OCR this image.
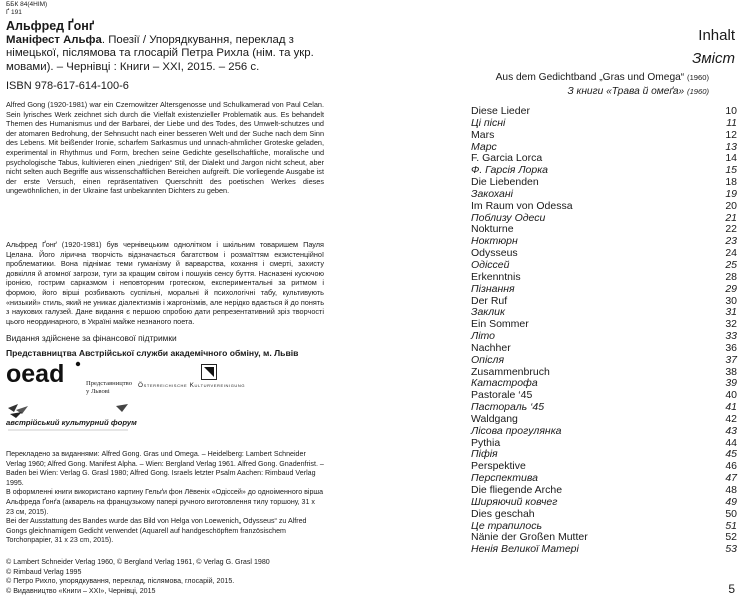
ББК 84(4НІМ)
Ґ 191
Альфред Ґонґ
Маніфест Альфа. Поезії / Упорядкування, переклад з німецької, післямова та глосарій Петра Рихла (нім. та укр. мовами). – Чернівці : Книги – XXI, 2015. – 256 с.
ISBN 978-617-614-100-6
Alfred Gong (1920-1981) war ein Czernowitzer Altersgenosse und Schulkamerad von Paul Celan. Sein lyrisches Werk zeichnet sich durch die Vielfalt existenzieller Problematik aus. Es behandelt Themen des Humanismus und der Barbarei, der Liebe und des Todes, des Umwelt-schutzes und der atomaren Bedrohung, der Sehnsucht nach einer besseren Welt und der Suche nach dem Sinn des Lebens. Mit beißender Ironie, scharfem Sarkasmus und unnach-ahmlicher Groteske geladen, experimental in Rhythmus und Form, brechen seine Gedichte gesellschaftliche, moralische und psychologische Tabus, kultivieren einen „niedrigen“ Stil, der Dialekt und Jargon nicht scheut, aber nicht selten auch Begriffe aus wissenschaftlichen Bereichen aufgreift. Die vorliegende Ausgabe ist der erste Versuch, einen repräsentativen Querschnitt des poetischen Werkes dieses ungewöhnlichen, in der Ukraine fast unbekannten Dichters zu geben.
Альфред Ґонґ (1920-1981) був чернівецьким одноліткoм і шкільним товаришем Пауля Целана. Його лірична творчість відзначається багатством і розмаїттям екзистенційної проблематики. Вона піднімає теми гуманізму й варварства, кохання і смерті, захисту довкілля й атомної загрози, туги за кращим світом і пошуків сенсу буття. Насназені кусючою іронією, гострим сарказмом і неповторним гротеском, експериментальні за ритмом і формою, його вірші розбивають суспільні, моральні й психологічні табу, культивують «низький» стиль, який не уникає діалектизмів і жаргонізмів, але нерідко вдається й до понять з наукових галузей. Дане видання є першою спробою дати репрезентативний зріз творчості цього неординарного, в Україні майже незнаного поета.
Видання здійснене за фінансової підтримки
Представництва Австрійської служби академічного обміну, м. Львів
oead	Представництво
у Львові
Österreichische Kulturvereinigung
австрійський культурний форум
Перекладено за виданнями: Alfred Gong. Gras und Omega. – Heidelberg: Lambert Schneider Verlag 1960; Alfred Gong. Manifest Alpha. – Wien: Bergland Verlag 1961. Alfred Gong. Gnadenfrist. – Baden bei Wien: Verlag G. Grasl 1980; Alfred Gong. Israels letzter Psalm Aachen: Rimbaud Verlag 1995.
В оформленні книги використано картину Гельґи фон Лëвеніх «Одіссей» до одноіменного вірша Альфреда Ґонґа (акварель на французькому папері ручного виготовлення тилу торшону, 31 x 23 см, 2015).
Bei der Ausstattung des Bandes wurde das Bild von Helga von Loewenich„ Odysseus“ zu Alfred Gongs gleichnamigem Gedicht verwendet (Aquarell auf handgeschöpftem französischem Torchonpapier, 31 x 23 cm, 2015).
© Lambert Schneider Verlag 1960, © Bergland Verlag 1961, © Verlag G. Grasl 1980
© Rimbaud Verlag 1995
© Петро Рихло, упорядкування, переклад, післямова, глосарій, 2015.
© Видавництво «Книги – XXI», Чернівці, 2015
Inhalt
Зміст
Aus dem Gedichtband „Gras und Omega“ (1960)
З книги «Трава й омеґа» (1960)
Diese Lieder	10
Ці пісні	11
Mars	12
Марс	13
F. Garcia Lorca	14
Ф. Гарсія Лорка	15
Die Liebenden	18
Закохані	19
Im Raum von Odessa	20
Поблизу Одеси	21
Nokturne	22
Ноктюрн	23
Odysseus	24
Одіссей	25
Erkenntnis	28
Пізнання	29
Der Ruf	30
Заклик	31
Ein Sommer	32
Літо	33
Nachher	36
Опісля	37
Zusammenbruch	38
Катастрофа	39
Pastorale ‘45	40
Пастораль ‘45	41
Waldgang	42
Лісова прогулянка	43
Pythia	44
Піфія	45
Perspektive	46
Перспектива	47
Die fliegende Arche	48
Ширяючий ковчег	49
Dies geschah	50
Це трапилось	51
Nänie der Großen Mutter	52
Ненія Великої Матері	53
5
